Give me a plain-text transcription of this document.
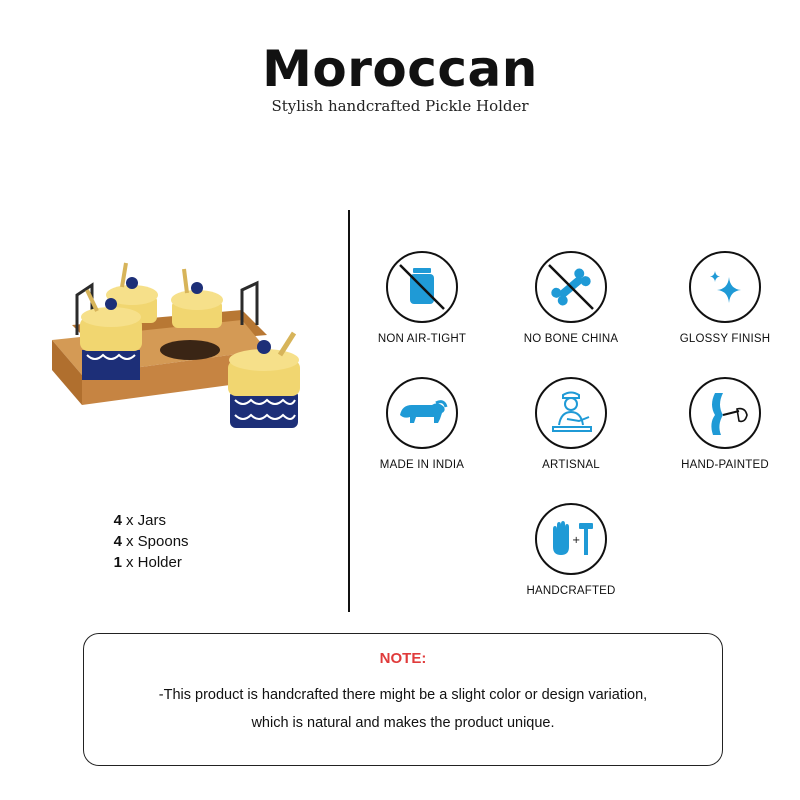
Moroccan
Stylish handcrafted Pickle Holder
4 x Jars
4 x Spoons
1 x Holder
NON AIR-TIGHT	NO BONE CHINA	GLOSSY FINISH
MADE IN INDIA	ARTISNAL	HAND-PAINTED
+
HANDCRAFTED
NOTE:
-This product is handcrafted there might be a slight color or design variation,
which is natural and makes the product unique.
